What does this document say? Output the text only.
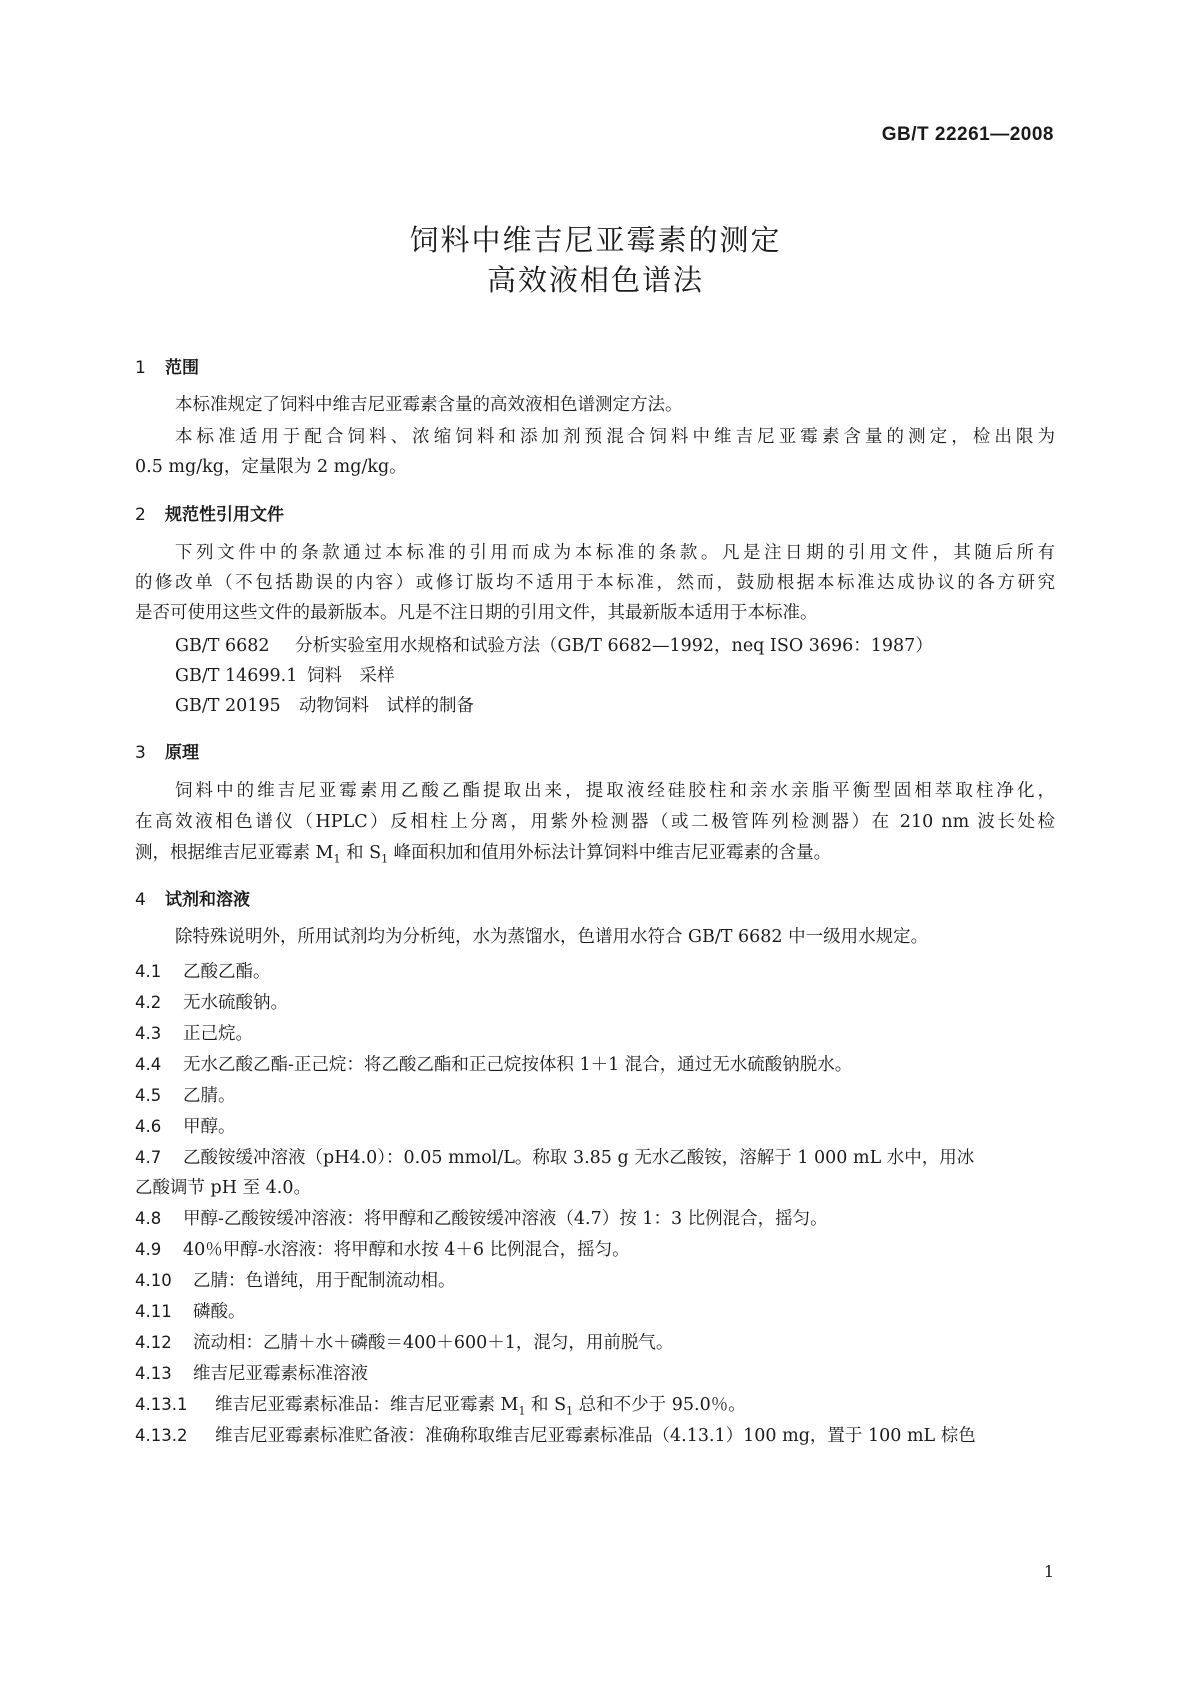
GB/T 22261—2008
饲料中维吉尼亚霉素的测定
高效液相色谱法
1 范围
本标准规定了饲料中维吉尼亚霉素含量的高效液相色谱测定方法。
本标准适用于配合饲料、浓缩饲料和添加剂预混合饲料中维吉尼亚霉素含量的测定，检出限为
0.5 mg/kg，定量限为 2 mg/kg。
2 规范性引用文件
下列文件中的条款通过本标准的引用而成为本标准的条款。凡是注日期的引用文件，其随后所有
的修改单（不包括勘误的内容）或修订版均不适用于本标准，然而，鼓励根据本标准达成协议的各方研究
是否可使用这些文件的最新版本。凡是不注日期的引用文件，其最新版本适用于本标准。
GB/T 6682 分析实验室用水规格和试验方法（GB/T 6682—1992，neq ISO 3696：1987）
GB/T 14699.1 饲料　采样
GB/T 20195 动物饲料　试样的制备
3 原理
饲料中的维吉尼亚霉素用乙酸乙酯提取出来，提取液经硅胶柱和亲水亲脂平衡型固相萃取柱净化，
在高效液相色谱仪（HPLC）反相柱上分离，用紫外检测器（或二极管阵列检测器）在 210 nm 波长处检
测，根据维吉尼亚霉素 $M_1$ 和 $S_1$ 峰面积加和值用外标法计算饲料中维吉尼亚霉素的含量。
4 试剂和溶液
除特殊说明外，所用试剂均为分析纯，水为蒸馏水，色谱用水符合 GB/T 6682 中一级用水规定。
4.1 乙酸乙酯。
4.2 无水硫酸钠。
4.3 正己烷。
4.4 无水乙酸乙酯-正己烷：将乙酸乙酯和正己烷按体积 1＋1 混合，通过无水硫酸钠脱水。
4.5 乙腈。
4.6 甲醇。
4.7 乙酸铵缓冲溶液（pH4.0）：0.05 mmol/L。称取 3.85 g 无水乙酸铵，溶解于 1 000 mL 水中，用冰
乙酸调节 pH 至 4.0。
4.8 甲醇-乙酸铵缓冲溶液：将甲醇和乙酸铵缓冲溶液（4.7）按 1：3 比例混合，摇匀。
4.9 40％甲醇-水溶液：将甲醇和水按 4＋6 比例混合，摇匀。
4.10 乙腈：色谱纯，用于配制流动相。
4.11 磷酸。
4.12 流动相：乙腈＋水＋磷酸＝400＋600＋1，混匀，用前脱气。
4.13 维吉尼亚霉素标准溶液
4.13.1 维吉尼亚霉素标准品：维吉尼亚霉素 $M_1$ 和 $S_1$ 总和不少于 95.0％。
4.13.2 维吉尼亚霉素标准贮备液：准确称取维吉尼亚霉素标准品（4.13.1）100 mg，置于 100 mL 棕色
1
